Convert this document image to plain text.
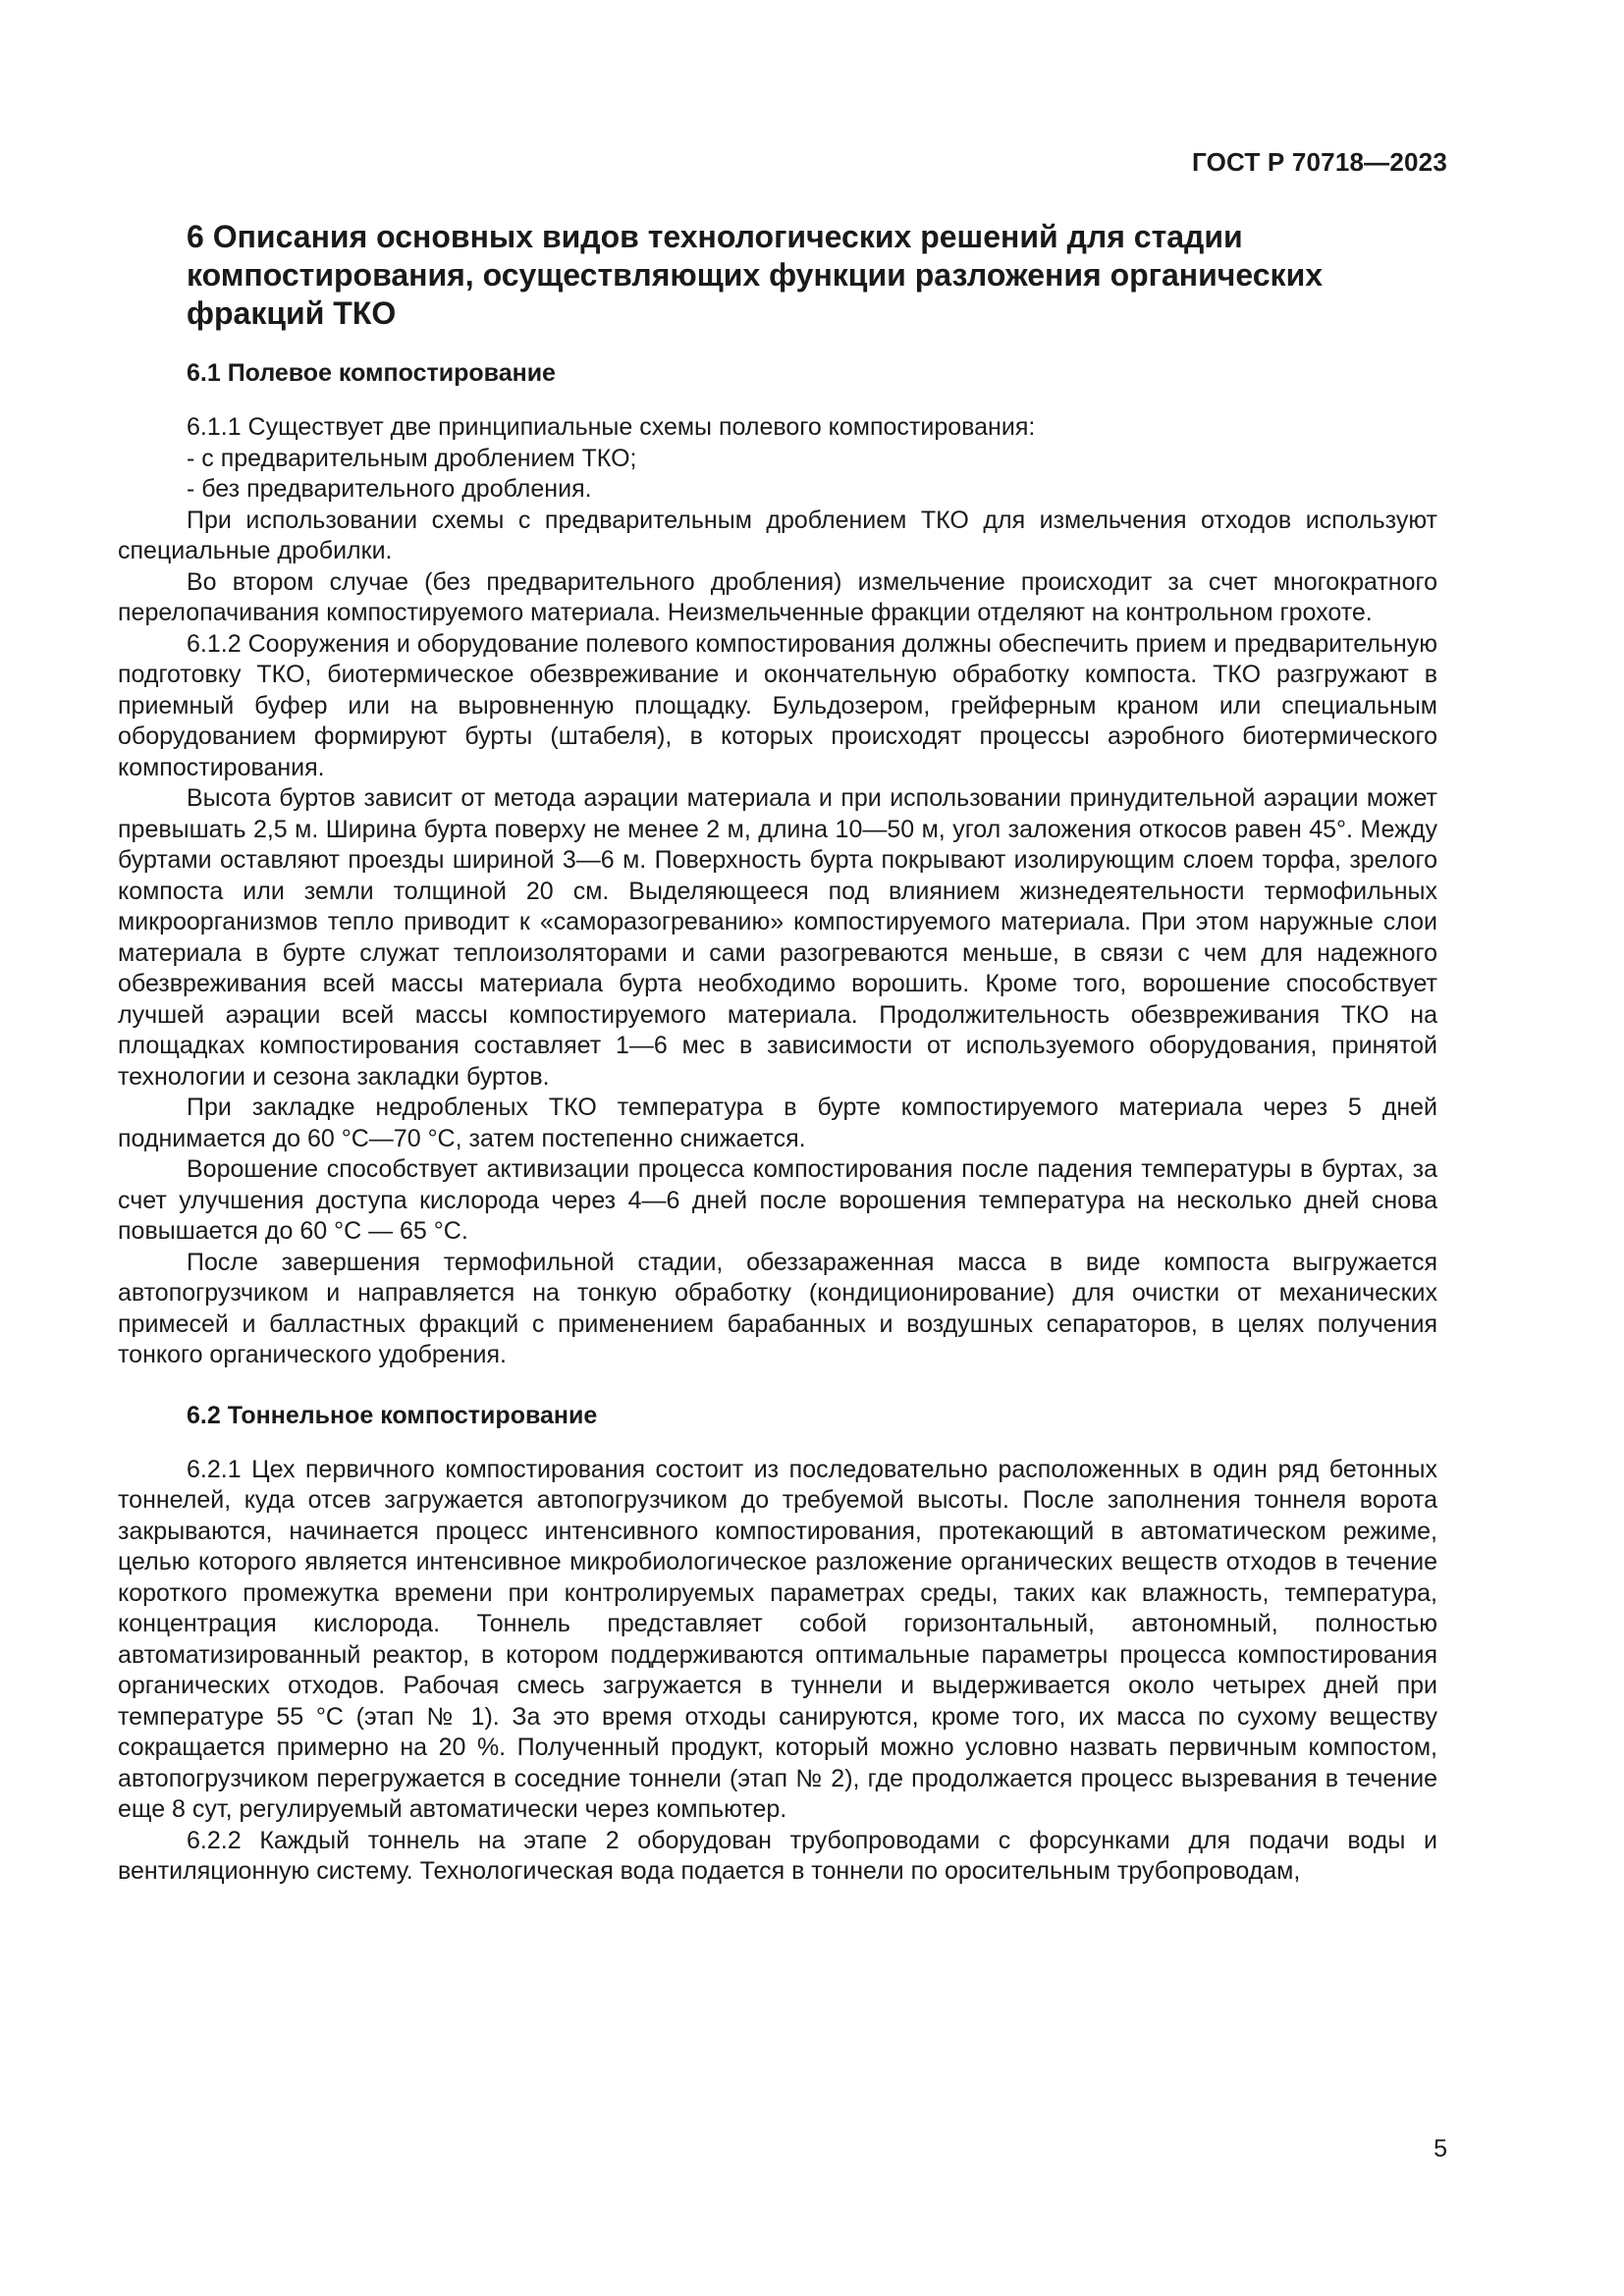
ГОСТ Р 70718—2023
6 Описания основных видов технологических решений для стадии компостирования, осуществляющих функции разложения органических фракций ТКО
6.1 Полевое компостирование

6.1.1 Существует две принципиальные схемы полевого компостирования:

- с предварительным дроблением ТКО;

- без предварительного дробления.

При использовании схемы с предварительным дроблением ТКО для измельчения отходов используют специальные дробилки.

Во втором случае (без предварительного дробления) измельчение происходит за счет многократного перелопачивания компостируемого материала. Неизмельченные фракции отделяют на контрольном грохоте.

6.1.2 Сооружения и оборудование полевого компостирования должны обеспечить прием и предварительную подготовку ТКО, биотермическое обезвреживание и окончательную обработку компоста. ТКО разгружают в приемный буфер или на выровненную площадку. Бульдозером, грейферным краном или специальным оборудованием формируют бурты (штабеля), в которых происходят процессы аэробного биотермического компостирования.

Высота буртов зависит от метода аэрации материала и при использовании принудительной аэрации может превышать 2,5 м. Ширина бурта поверху не менее 2 м, длина 10—50 м, угол заложения откосов равен 45°. Между буртами оставляют проезды шириной 3—6 м. Поверхность бурта покрывают изолирующим слоем торфа, зрелого компоста или земли толщиной 20 см. Выделяющееся под влиянием жизнедеятельности термофильных микроорганизмов тепло приводит к «саморазогреванию» компостируемого материала. При этом наружные слои материала в бурте служат теплоизоляторами и сами разогреваются меньше, в связи с чем для надежного обезвреживания всей массы материала бурта необходимо ворошить. Кроме того, ворошение способствует лучшей аэрации всей массы компостируемого материала. Продолжительность обезвреживания ТКО на площадках компостирования составляет 1—6 мес в зависимости от используемого оборудования, принятой технологии и сезона закладки буртов.

При закладке недробленых ТКО температура в бурте компостируемого материала через 5 дней поднимается до 60 °С—70 °С, затем постепенно снижается.

Ворошение способствует активизации процесса компостирования после падения температуры в буртах, за счет улучшения доступа кислорода через 4—6 дней после ворошения температура на несколько дней снова повышается до 60 °С — 65 °С.

После завершения термофильной стадии, обеззараженная масса в виде компоста выгружается автопогрузчиком и направляется на тонкую обработку (кондиционирование) для очистки от механических примесей и балластных фракций с применением барабанных и воздушных сепараторов, в целях получения тонкого органического удобрения.

6.2 Тоннельное компостирование

6.2.1 Цех первичного компостирования состоит из последовательно расположенных в один ряд бетонных тоннелей, куда отсев загружается автопогрузчиком до требуемой высоты. После заполнения тоннеля ворота закрываются, начинается процесс интенсивного компостирования, протекающий в автоматическом режиме, целью которого является интенсивное микробиологическое разложение органических веществ отходов в течение короткого промежутка времени при контролируемых параметрах среды, таких как влажность, температура, концентрация кислорода. Тоннель представляет собой горизонтальный, автономный, полностью автоматизированный реактор, в котором поддерживаются оптимальные параметры процесса компостирования органических отходов. Рабочая смесь загружается в туннели и выдерживается около четырех дней при температуре 55 °С (этап № 1). За это время отходы санируются, кроме того, их масса по сухому веществу сокращается примерно на 20 %. Полученный продукт, который можно условно назвать первичным компостом, автопогрузчиком перегружается в соседние тоннели (этап № 2), где продолжается процесс вызревания в течение еще 8 сут, регулируемый автоматически через компьютер.

6.2.2 Каждый тоннель на этапе 2 оборудован трубопроводами с форсунками для подачи воды и вентиляционную систему. Технологическая вода подается в тоннели по оросительным трубопроводам,

5
